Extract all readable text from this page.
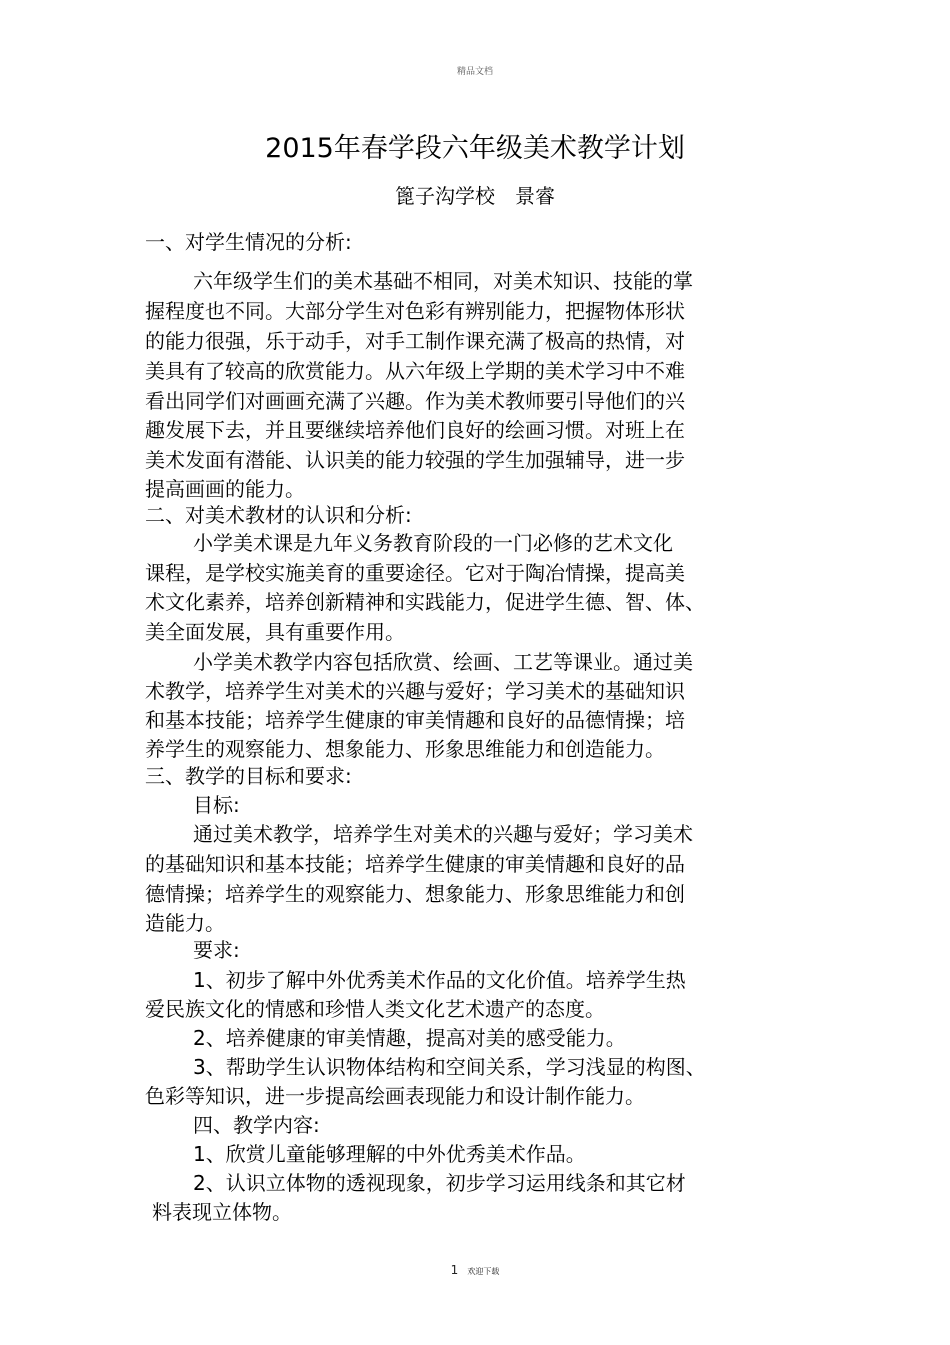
精品文档
2015年春学段六年级美术教学计划
篦子沟学校　景睿
一、对学生情况的分析:
六年级学生们的美术基础不相同，对美术知识、技能的掌
握程度也不同。大部分学生对色彩有辨别能力，把握物体形状
的能力很强，乐于动手，对手工制作课充满了极高的热情，对
美具有了较高的欣赏能力。从六年级上学期的美术学习中不难
看出同学们对画画充满了兴趣。作为美术教师要引导他们的兴
趣发展下去，并且要继续培养他们良好的绘画习惯。对班上在
美术发面有潜能、认识美的能力较强的学生加强辅导，进一步
提高画画的能力。
二、对美术教材的认识和分析:
小学美术课是九年义务教育阶段的一门必修的艺术文化
课程，是学校实施美育的重要途径。它对于陶冶情操，提高美
术文化素养，培养创新精神和实践能力，促进学生德、智、体、
美全面发展，具有重要作用。
小学美术教学内容包括欣赏、绘画、工艺等课业。通过美
术教学，培养学生对美术的兴趣与爱好；学习美术的基础知识
和基本技能；培养学生健康的审美情趣和良好的品德情操；培
养学生的观察能力、想象能力、形象思维能力和创造能力。
三、教学的目标和要求:
目标:
通过美术教学，培养学生对美术的兴趣与爱好；学习美术
的基础知识和基本技能；培养学生健康的审美情趣和良好的品
德情操；培养学生的观察能力、想象能力、形象思维能力和创
造能力。
要求:
1、初步了解中外优秀美术作品的文化价值。培养学生热
爱民族文化的情感和珍惜人类文化艺术遗产的态度。
2、培养健康的审美情趣，提高对美的感受能力。
3、帮助学生认识物体结构和空间关系，学习浅显的构图、
色彩等知识，进一步提高绘画表现能力和设计制作能力。
四、教学内容:
1、欣赏儿童能够理解的中外优秀美术作品。
2、认识立体物的透视现象，初步学习运用线条和其它材
料表现立体物。
1 欢迎下载
